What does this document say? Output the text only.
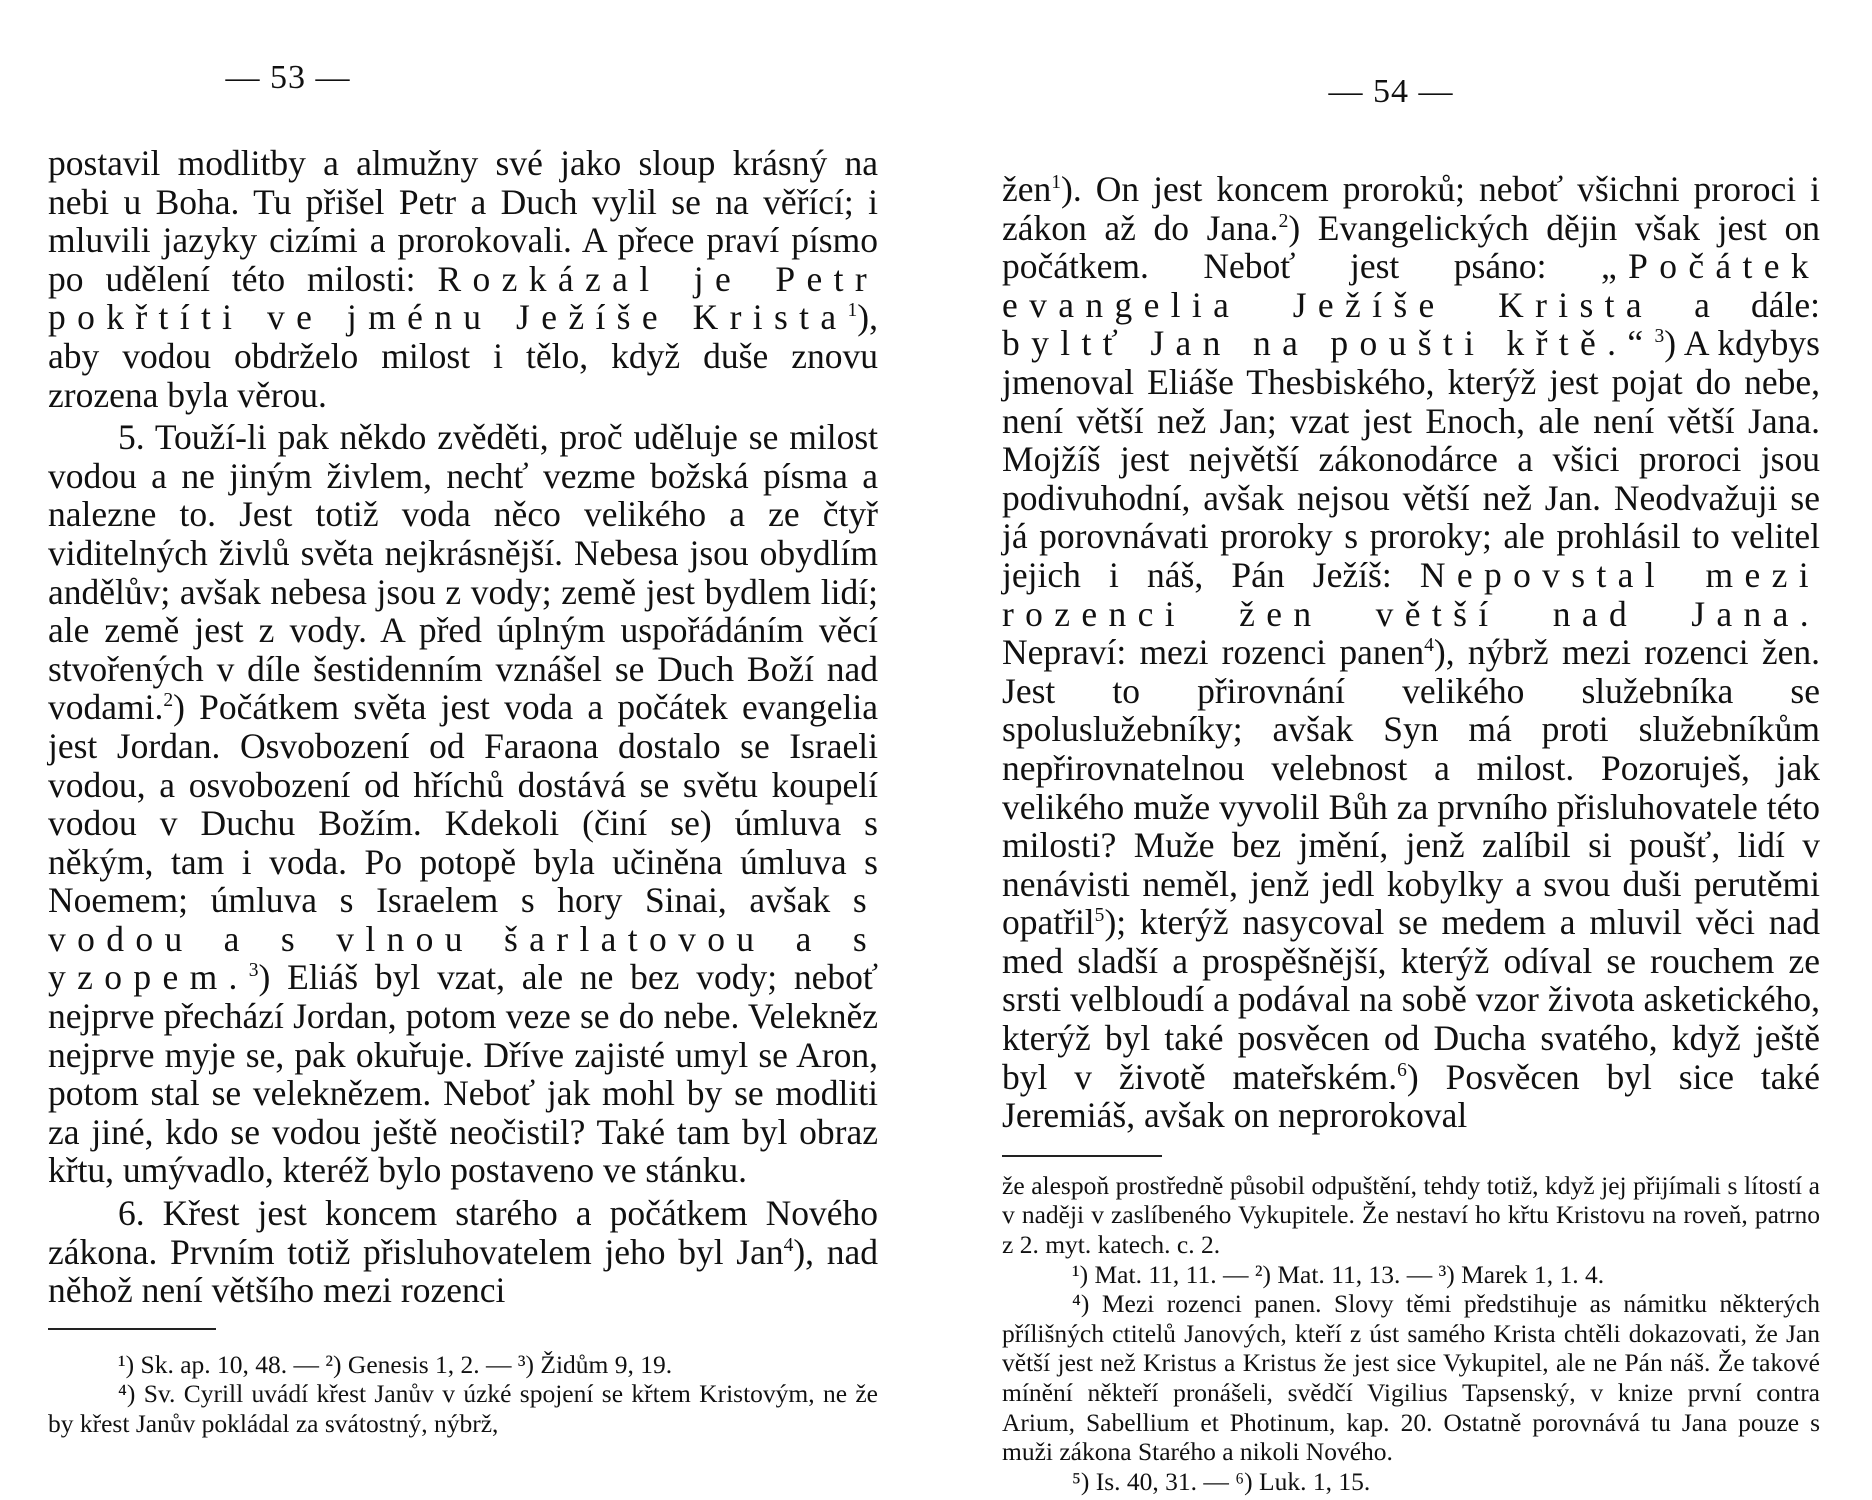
— 53 —

postavil modlitby a almužny své jako sloup krásný na nebi u Boha. Tu přišel Petr a Duch vylil se na věřící; i mluvili jazyky cizími a prorokovali. A přece praví písmo po udělení této milosti: Rozkázal je Petr pokřtíti ve jménu Ježíše Krista$^1$), aby vodou obdrželo milost i tělo, když duše znovu zrozena byla věrou.

5. Touží-li pak někdo zvěděti, proč uděluje se milost vodou a ne jiným živlem, nechť vezme božská písma a nalezne to. Jest totiž voda něco velikého a ze čtyř viditelných živlů světa nejkrásnější. Nebesa jsou obydlím andělův; avšak nebesa jsou z vody; země jest bydlem lidí; ale země jest z vody. A před úplným uspořádáním věcí stvořených v díle šestidenním vznášel se Duch Boží nad vodami.$^2$) Počátkem světa jest voda a počátek evangelia jest Jordan. Osvobození od Faraona dostalo se Israeli vodou, a osvobození od hříchů dostává se světu koupelí vodou v Duchu Božím. Kdekoli (činí se) úmluva s někým, tam i voda. Po potopě byla učiněna úmluva s Noemem; úmluva s Israelem s hory Sinai, avšak s vodou a s vlnou šarlatovou a s yzopem.$^3$) Eliáš byl vzat, ale ne bez vody; neboť nejprve přechází Jordan, potom veze se do nebe. Velekněz nejprve myje se, pak okuřuje. Dříve zajisté umyl se Aron, potom stal se veleknězem. Neboť jak mohl by se modliti za jiné, kdo se vodou ještě neočistil? Také tam byl obraz křtu, umývadlo, kteréž bylo postaveno ve stánku.

6. Křest jest koncem starého a počátkem Nového zákona. Prvním totiž přisluhovatelem jeho byl Jan$^4$), nad něhož není většího mezi rozenci

¹) Sk. ap. 10, 48. — ²) Genesis 1, 2. — ³) Židům 9, 19.

⁴) Sv. Cyrill uvádí křest Janův v úzké spojení se křtem Kristovým, ne že by křest Janův pokládal za svátostný, nýbrž,

— 54 —

žen$^1$). On jest koncem proroků; neboť všichni proroci i zákon až do Jana.$^2$) Evangelických dějin však jest on počátkem. Neboť jest psáno: „Počátek evangelia Ježíše Krista a dále: byltť Jan na poušti křtě.“$^3$) A kdybys jmenoval Eliáše Thesbiského, kterýž jest pojat do nebe, není větší než Jan; vzat jest Enoch, ale není větší Jana. Mojžíš jest největší zákonodárce a všici proroci jsou podivuhodní, avšak nejsou větší než Jan. Neodvažuji se já porovnávati proroky s proroky; ale prohlásil to velitel jejich i náš, Pán Ježíš: Nepovstal mezi rozenci žen větší nad Jana. Nepraví: mezi rozenci panen$^4$), nýbrž mezi rozenci žen. Jest to přirovnání velikého služebníka se spoluslužebníky; avšak Syn má proti služebníkům nepřirovnatelnou velebnost a milost. Pozoruješ, jak velikého muže vyvolil Bůh za prvního přisluhovatele této milosti? Muže bez jmění, jenž zalíbil si poušť, lidí v nenávisti neměl, jenž jedl kobylky a svou duši perutěmi opatřil$^5$); kterýž nasycoval se medem a mluvil věci nad med sladší a prospěšnější, kterýž odíval se rouchem ze srsti velbloudí a podával na sobě vzor života asketického, kterýž byl také posvěcen od Ducha svatého, když ještě byl v životě mateřském.$^6$) Posvěcen byl sice také Jeremiáš, avšak on neprorokoval

že alespoň prostředně působil odpuštění, tehdy totiž, když jej přijímali s lítostí a v naději v zaslíbeného Vykupitele. Že nestaví ho křtu Kristovu na roveň, patrno z 2. myt. katech. c. 2.

¹) Mat. 11, 11. — ²) Mat. 11, 13. — ³) Marek 1, 1. 4.

⁴) Mezi rozenci panen. Slovy těmi předstihuje as námitku některých přílišných ctitelů Janových, kteří z úst samého Krista chtěli dokazovati, že Jan větší jest než Kristus a Kristus že jest sice Vykupitel, ale ne Pán náš. Že takové mínění někteří pronášeli, svědčí Vigilius Tapsenský, v knize první contra Arium, Sabellium et Photinum, kap. 20. Ostatně porovnává tu Jana pouze s muži zákona Starého a nikoli Nového.

⁵) Is. 40, 31. — ⁶) Luk. 1, 15.
